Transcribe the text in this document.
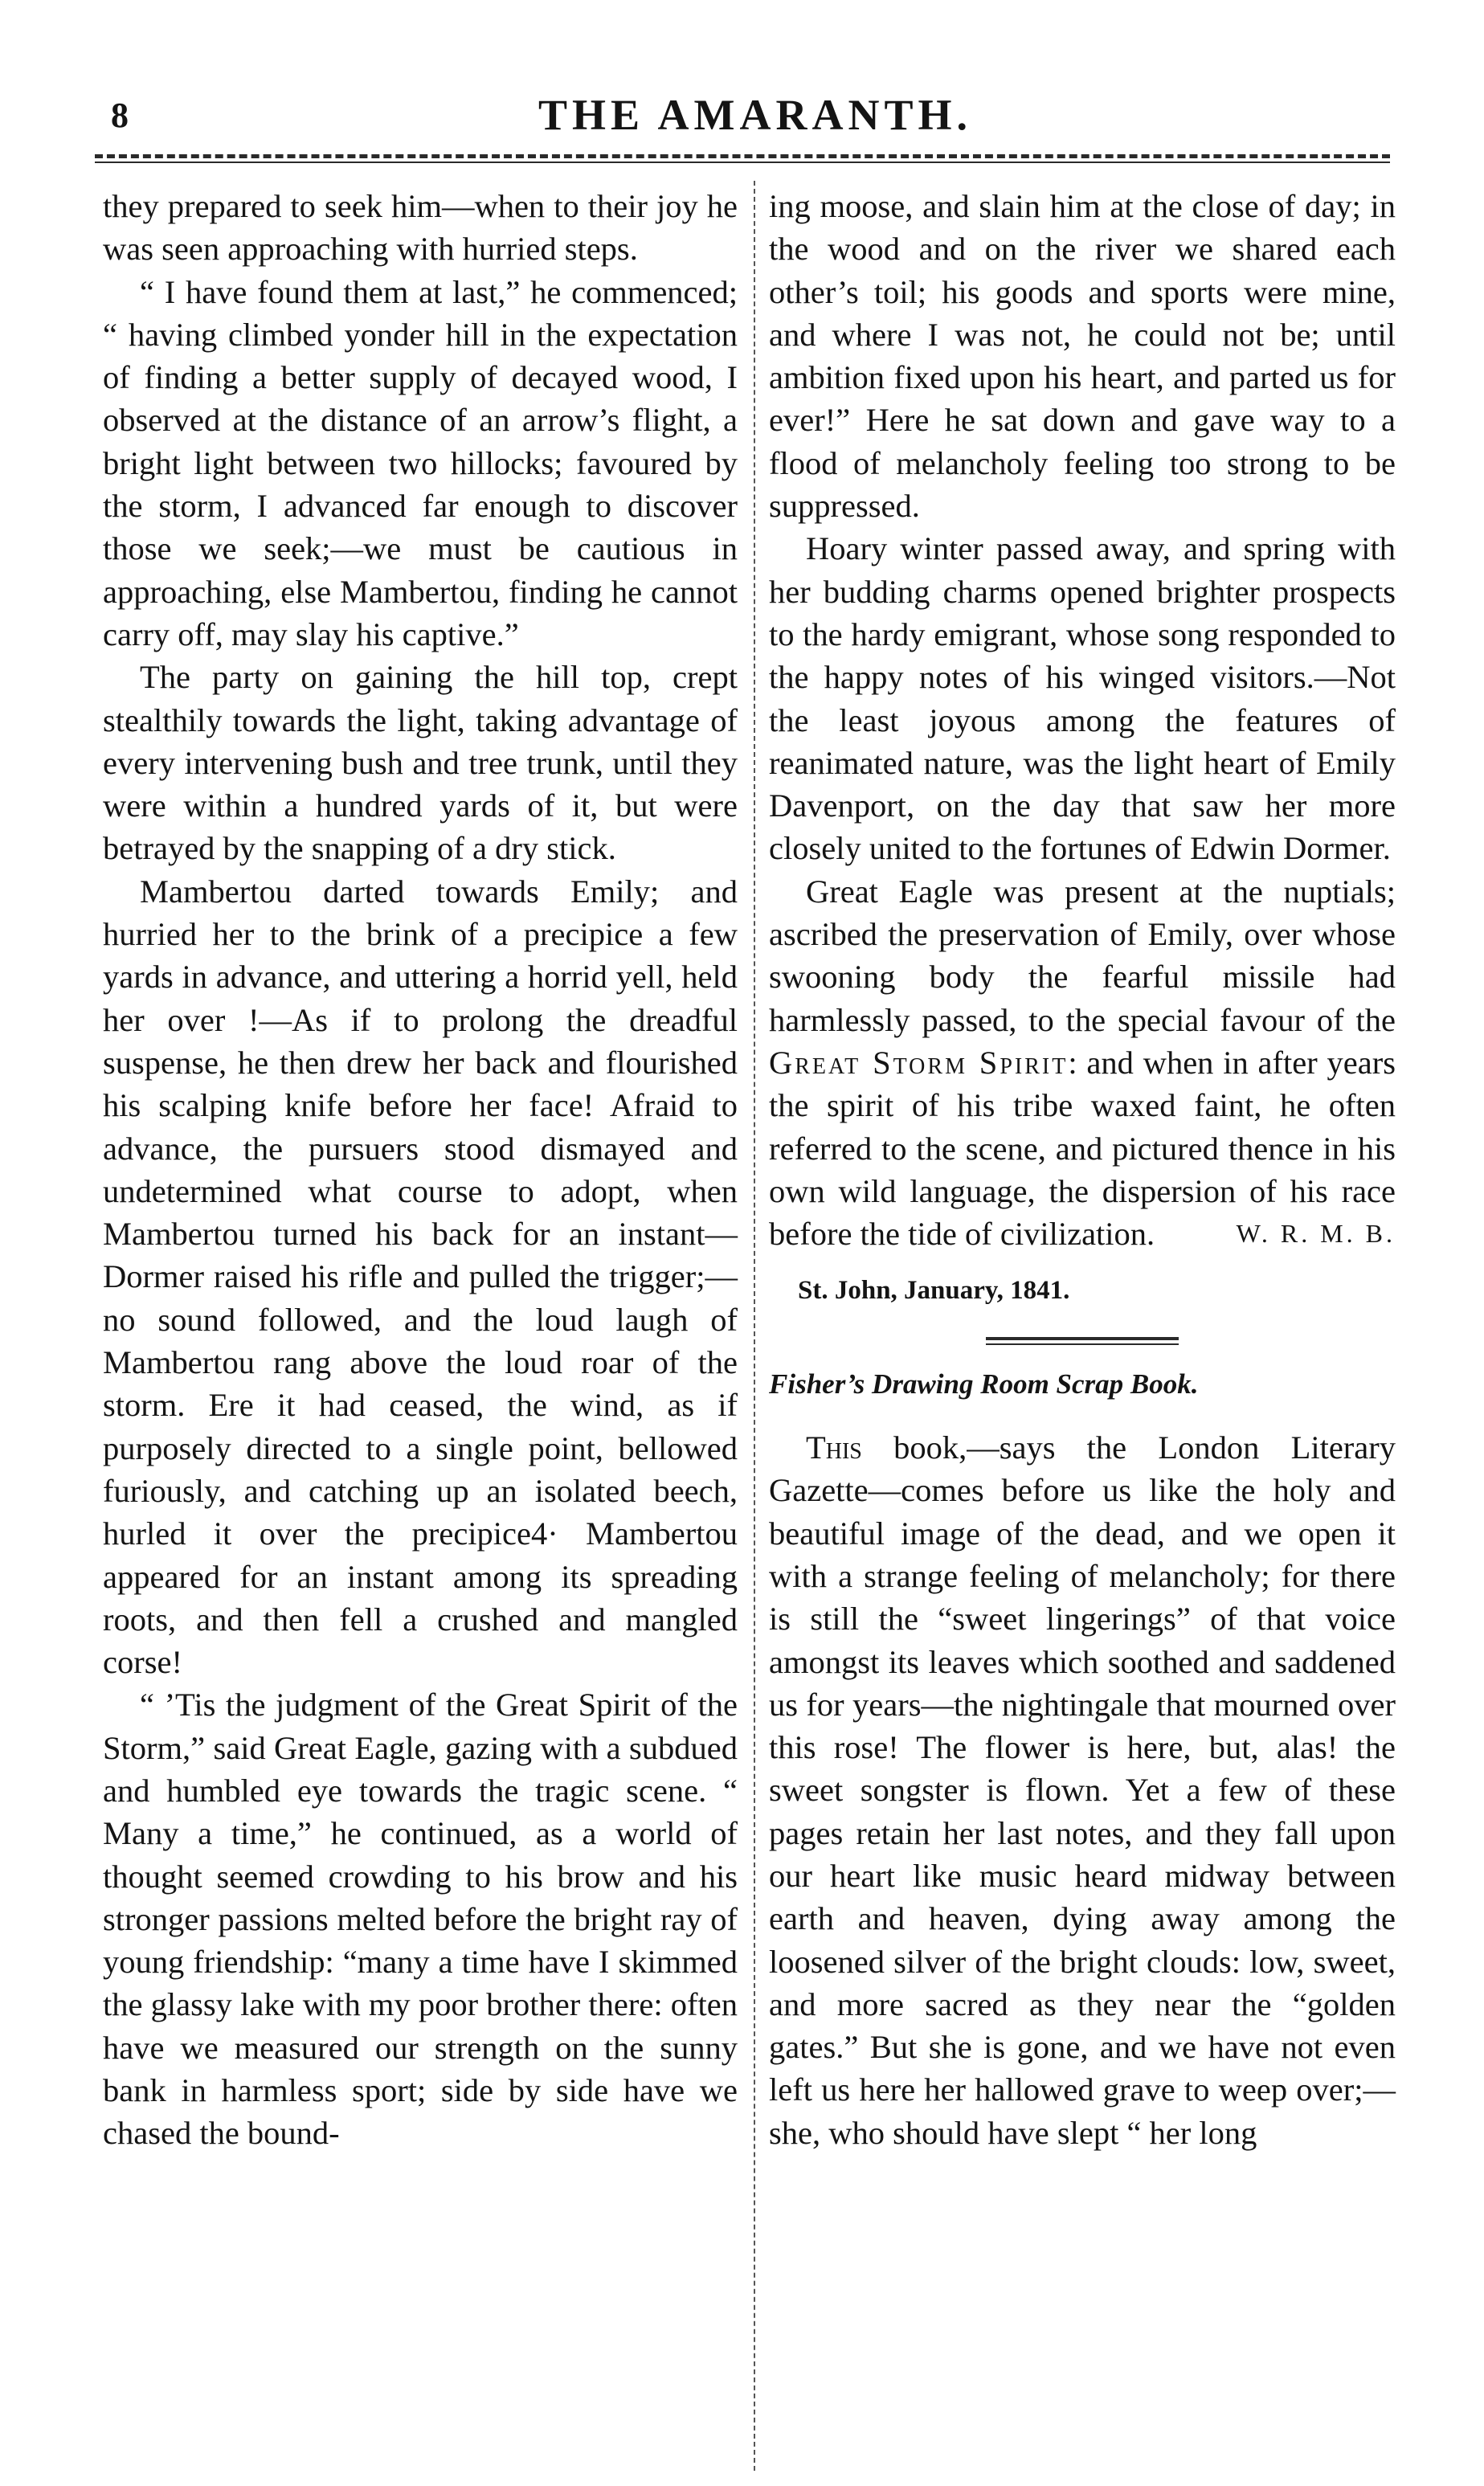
8	THE AMARANTH.

they prepared to seek him—when to their joy he was seen approaching with hurried steps.

“ I have found them at last,” he commenced; “ having climbed yonder hill in the expectation of finding a better supply of decayed wood, I observed at the distance of an arrow’s flight, a bright light between two hillocks; favoured by the storm, I advanced far enough to discover those we seek;—we must be cautious in approaching, else Mambertou, finding he cannot carry off, may slay his captive.”

The party on gaining the hill top, crept stealthily towards the light, taking advantage of every intervening bush and tree trunk, until they were within a hundred yards of it, but were betrayed by the snapping of a dry stick.

Mambertou darted towards Emily; and hurried her to the brink of a precipice a few yards in advance, and uttering a horrid yell, held her over !—As if to prolong the dreadful suspense, he then drew her back and flourished his scalping knife before her face! Afraid to advance, the pursuers stood dismayed and undetermined what course to adopt, when Mambertou turned his back for an instant—Dormer raised his rifle and pulled the trigger;—no sound followed, and the loud laugh of Mambertou rang above the loud roar of the storm. Ere it had ceased, the wind, as if purposely directed to a single point, bellowed furiously, and catching up an isolated beech, hurled it over the precipice4· Mambertou appeared for an instant among its spreading roots, and then fell a crushed and mangled corse!

“ ’Tis the judgment of the Great Spirit of the Storm,” said Great Eagle, gazing with a subdued and humbled eye towards the tragic scene. “ Many a time,” he continued, as a world of thought seemed crowding to his brow and his stronger passions melted before the bright ray of young friendship: “many a time have I skimmed the glassy lake with my poor brother there: often have we measured our strength on the sunny bank in harmless sport; side by side have we chased the bound-

ing moose, and slain him at the close of day; in the wood and on the river we shared each other’s toil; his goods and sports were mine, and where I was not, he could not be; until ambition fixed upon his heart, and parted us for ever!” Here he sat down and gave way to a flood of melancholy feeling too strong to be suppressed.

Hoary winter passed away, and spring with her budding charms opened brighter prospects to the hardy emigrant, whose song responded to the happy notes of his winged visitors.—Not the least joyous among the features of reanimated nature, was the light heart of Emily Davenport, on the day that saw her more closely united to the fortunes of Edwin Dormer.

Great Eagle was present at the nuptials; ascribed the preservation of Emily, over whose swooning body the fearful missile had harmlessly passed, to the special favour of the Great Storm Spirit: and when in after years the spirit of his tribe waxed faint, he often referred to the scene, and pictured thence in his own wild language, the dispersion of his race before the tide of civilization.	W. R. M. B.

St. John, January, 1841.

Fisher’s Drawing Room Scrap Book.

This book,—says the London Literary Gazette—comes before us like the holy and beautiful image of the dead, and we open it with a strange feeling of melancholy; for there is still the “sweet lingerings” of that voice amongst its leaves which soothed and saddened us for years—the nightingale that mourned over this rose! The flower is here, but, alas! the sweet songster is flown. Yet a few of these pages retain her last notes, and they fall upon our heart like music heard midway between earth and heaven, dying away among the loosened silver of the bright clouds: low, sweet, and more sacred as they near the “golden gates.” But she is gone, and we have not even left us here her hallowed grave to weep over;—she, who should have slept “ her long
